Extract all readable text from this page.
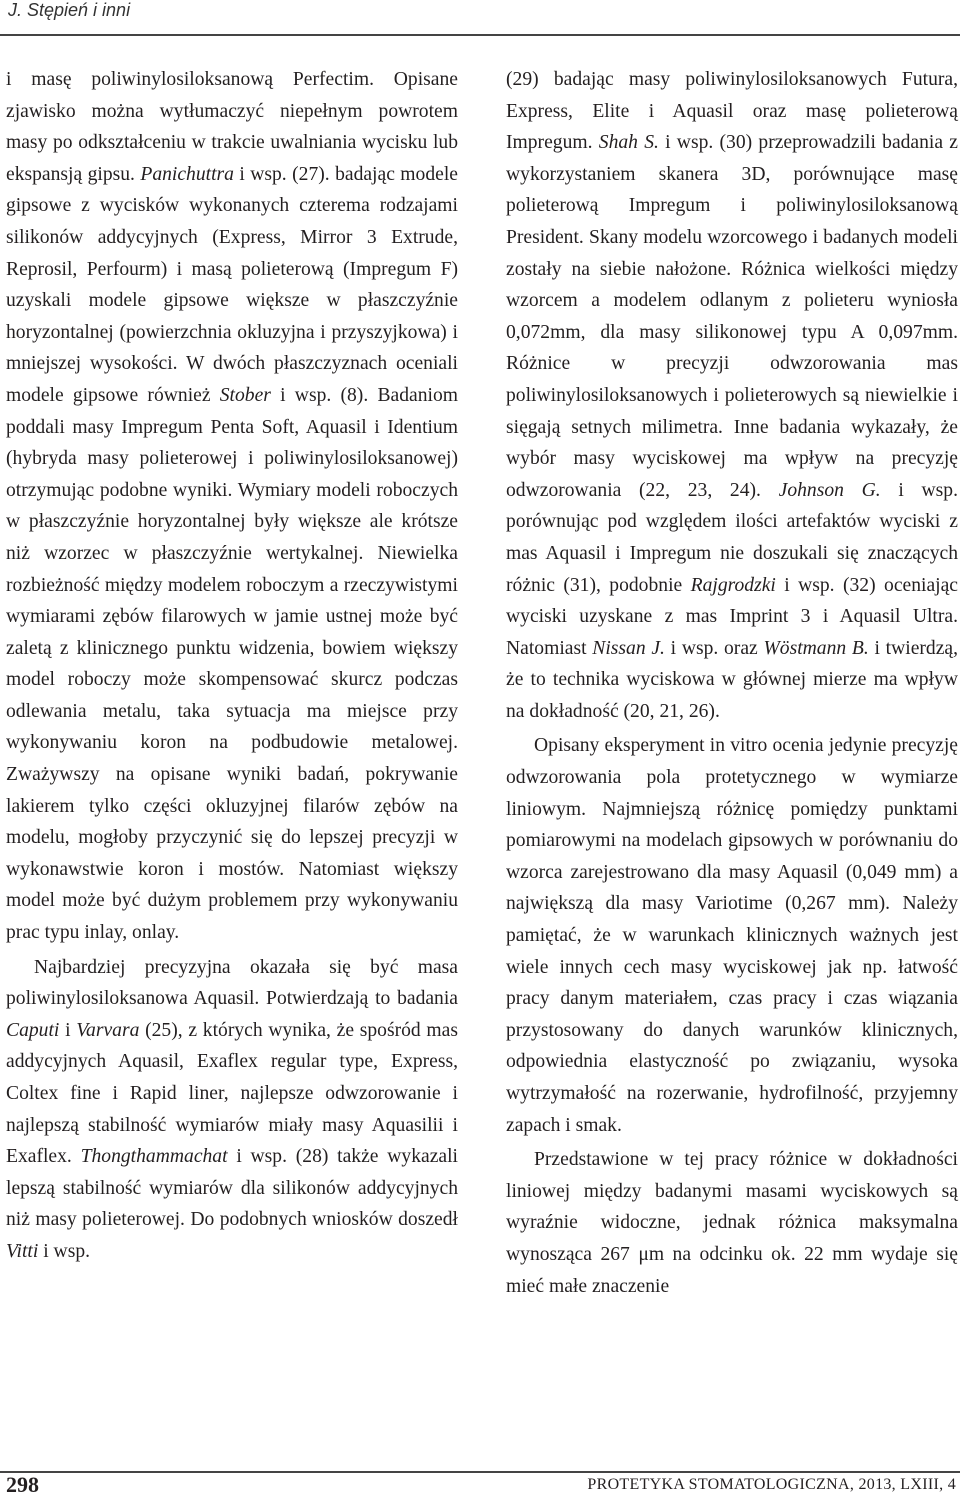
J. Stępień i inni

i masę poliwinylosiloksanową Perfectim. Opisane zjawisko można wytłumaczyć niepełnym powrotem masy po odkształceniu w trakcie uwalniania wycisku lub ekspansją gipsu. Panichuttra i wsp. (27). badając modele gipsowe z wycisków wykonanych czterema rodzajami silikonów addycyjnych (Express, Mirror 3 Extrude, Reprosil, Perfourm) i masą polieterową (Impregum F) uzyskali modele gipsowe większe w płaszczyźnie horyzontalnej (powierzchnia okluzyjna i przyszyjkowa) i mniejszej wysokości. W dwóch płaszczyznach oceniali modele gipsowe również Stober i wsp. (8). Badaniom poddali masy Impregum Penta Soft, Aquasil i Identium (hybryda masy polieterowej i poliwinylosiloksanowej) otrzymując podobne wyniki. Wymiary modeli roboczych w płaszczyźnie horyzontalnej były większe ale krótsze niż wzorzec w płaszczyźnie wertykalnej. Niewielka rozbieżność między modelem roboczym a rzeczywistymi wymiarami zębów filarowych w jamie ustnej może być zaletą z klinicznego punktu widzenia, bowiem większy model roboczy może skompensować skurcz podczas odlewania metalu, taka sytuacja ma miejsce przy wykonywaniu koron na podbudowie metalowej. Zważywszy na opisane wyniki badań, pokrywanie lakierem tylko części okluzyjnej filarów zębów na modelu, mogłoby przyczynić się do lepszej precyzji w wykonawstwie koron i mostów. Natomiast większy model może być dużym problemem przy wykonywaniu prac typu inlay, onlay.

Najbardziej precyzyjna okazała się być masa poliwinylosiloksanowa Aquasil. Potwierdzają to badania Caputi i Varvara (25), z których wynika, że spośród mas addycyjnych Aquasil, Exaflex regular type, Express, Coltex fine i Rapid liner, najlepsze odwzorowanie i najlepszą stabilność wymiarów miały masy Aquasilii i Exaflex. Thongthammachat i wsp. (28) także wykazali lepszą stabilność wymiarów dla silikonów addycyjnych niż masy polieterowej. Do podobnych wniosków doszedł Vitti i wsp.

(29) badając masy poliwinylosiloksanowych Futura, Express, Elite i Aquasil oraz masę polieterową Impregum. Shah S. i wsp. (30) przeprowadzili badania z wykorzystaniem skanera 3D, porównujące masę polieterową Impregum i poliwinylosiloksanową President. Skany modelu wzorcowego i badanych modeli zostały na siebie nałożone. Różnica wielkości między wzorcem a modelem odlanym z polieteru wyniosła 0,072mm, dla masy silikonowej typu A 0,097mm. Różnice w precyzji odwzorowania mas poliwinylosiloksanowych i polieterowych są niewielkie i sięgają setnych milimetra. Inne badania wykazały, że wybór masy wyciskowej ma wpływ na precyzję odwzorowania (22, 23, 24). Johnson G. i wsp. porównując pod względem ilości artefaktów wyciski z mas Aquasil i Impregum nie doszukali się znaczących różnic (31), podobnie Rajgrodzki i wsp. (32) oceniając wyciski uzyskane z mas Imprint 3 i Aquasil Ultra. Natomiast Nissan J. i wsp. oraz Wöstmann B. i twierdzą, że to technika wyciskowa w głównej mierze ma wpływ na dokładność (20, 21, 26).

Opisany eksperyment in vitro ocenia jedynie precyzję odwzorowania pola protetycznego w wymiarze liniowym. Najmniejszą różnicę pomiędzy punktami pomiarowymi na modelach gipsowych w porównaniu do wzorca zarejestrowano dla masy Aquasil (0,049 mm) a największą dla masy Variotime (0,267 mm). Należy pamiętać, że w warunkach klinicznych ważnych jest wiele innych cech masy wyciskowej jak np. łatwość pracy danym materiałem, czas pracy i czas wiązania przystosowany do danych warunków klinicznych, odpowiednia elastyczność po związaniu, wysoka wytrzymałość na rozerwanie, hydrofilność, przyjemny zapach i smak.

Przedstawione w tej pracy różnice w dokładności liniowej między badanymi masami wyciskowych są wyraźnie widoczne, jednak różnica maksymalna wynosząca 267 μm na odcinku ok. 22 mm wydaje się mieć małe znaczenie

298	PROTETYKA STOMATOLOGICZNA, 2013, LXIII, 4
